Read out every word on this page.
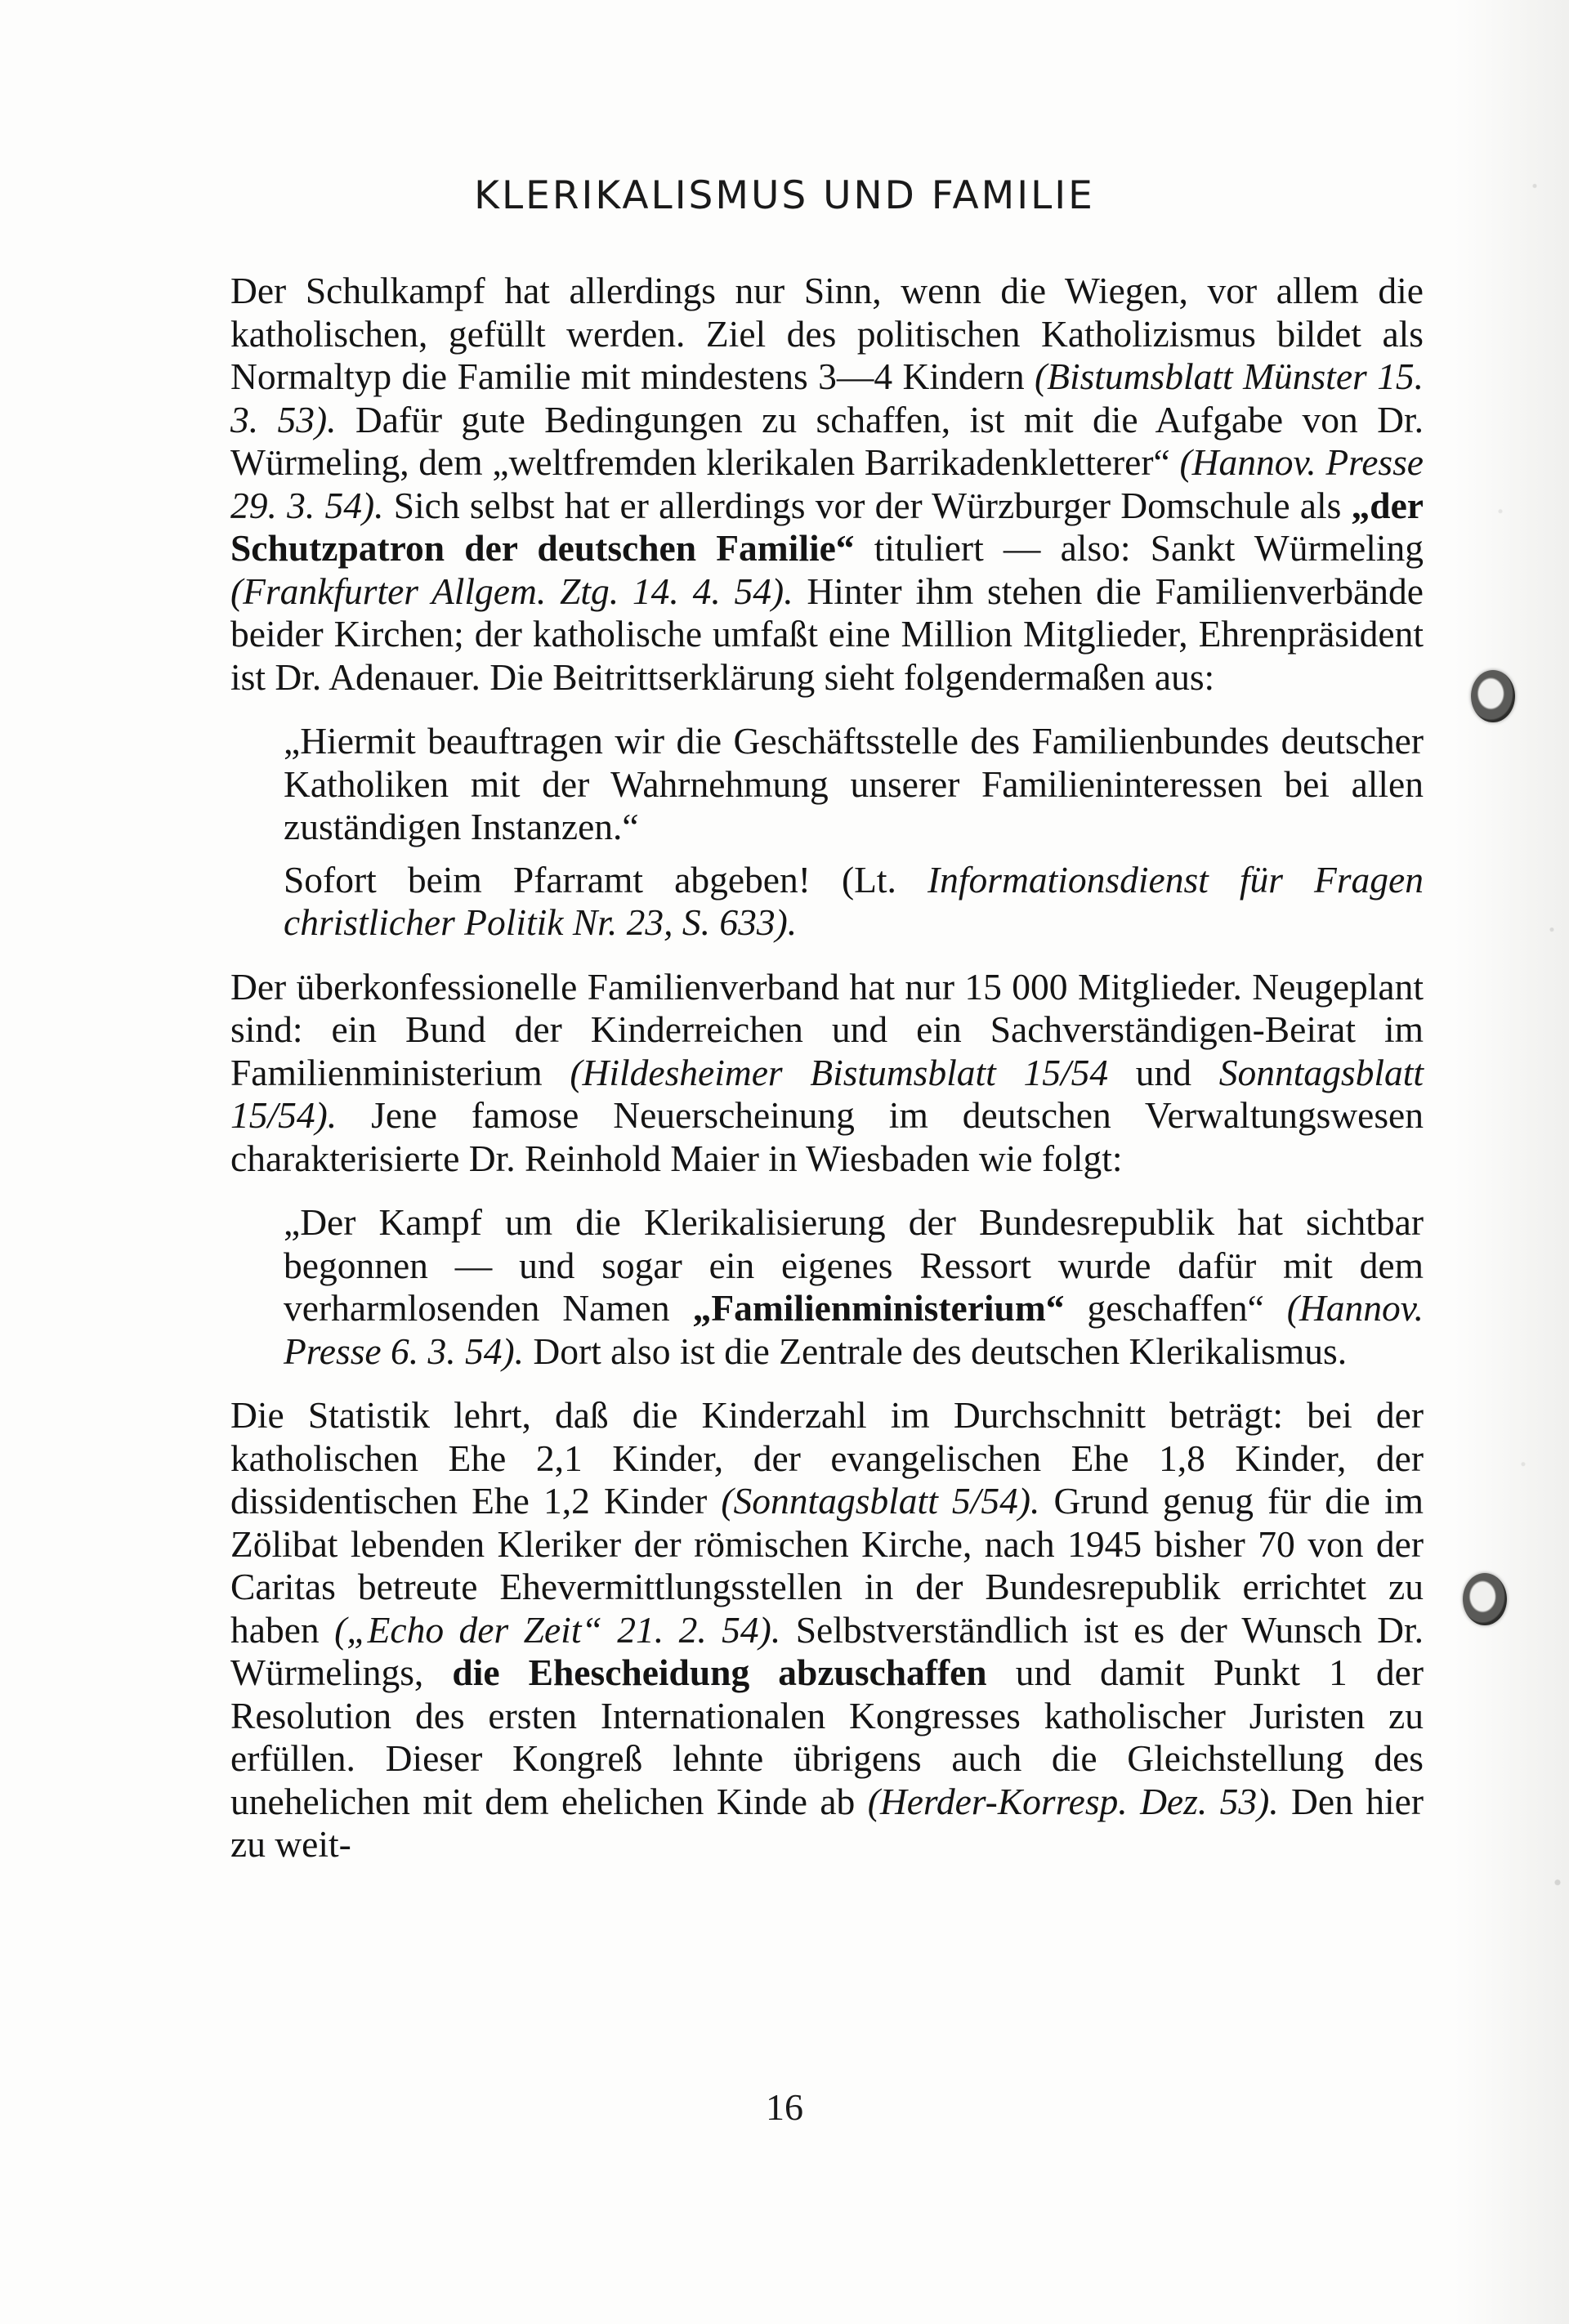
KLERIKALISMUS UND FAMILIE

Der Schulkampf hat allerdings nur Sinn, wenn die Wiegen, vor allem die katholischen, gefüllt werden. Ziel des politischen Katholizismus bildet als Normaltyp die Familie mit mindestens 3—4 Kindern (Bistumsblatt Münster 15. 3. 53). Dafür gute Bedingungen zu schaffen, ist mit die Aufgabe von Dr. Würmeling, dem „weltfremden klerikalen Barrikadenkletterer“ (Hannov. Presse 29. 3. 54). Sich selbst hat er allerdings vor der Würzburger Domschule als „der Schutzpatron der deutschen Familie“ tituliert — also: Sankt Würmeling (Frankfurter Allgem. Ztg. 14. 4. 54). Hinter ihm stehen die Familienverbände beider Kirchen; der katholische umfaßt eine Million Mitglieder, Ehrenpräsident ist Dr. Adenauer. Die Beitrittserklärung sieht folgendermaßen aus:

„Hiermit beauftragen wir die Geschäftsstelle des Familienbundes deutscher Katholiken mit der Wahrnehmung unserer Familieninteressen bei allen zuständigen Instanzen.“

Sofort beim Pfarramt abgeben! (Lt. Informationsdienst für Fragen christlicher Politik Nr. 23, S. 633).

Der überkonfessionelle Familienverband hat nur 15 000 Mitglieder. Neugeplant sind: ein Bund der Kinderreichen und ein Sachverständigen-Beirat im Familienministerium (Hildesheimer Bistumsblatt 15/54 und Sonntagsblatt 15/54). Jene famose Neuerscheinung im deutschen Verwaltungswesen charakterisierte Dr. Reinhold Maier in Wiesbaden wie folgt:

„Der Kampf um die Klerikalisierung der Bundesrepublik hat sichtbar begonnen — und sogar ein eigenes Ressort wurde dafür mit dem verharmlosenden Namen „Familienministerium“ geschaffen“ (Hannov. Presse 6. 3. 54). Dort also ist die Zentrale des deutschen Klerikalismus.

Die Statistik lehrt, daß die Kinderzahl im Durchschnitt beträgt: bei der katholischen Ehe 2,1 Kinder, der evangelischen Ehe 1,8 Kinder, der dissidentischen Ehe 1,2 Kinder (Sonntagsblatt 5/54). Grund genug für die im Zölibat lebenden Kleriker der römischen Kirche, nach 1945 bisher 70 von der Caritas betreute Ehevermittlungsstellen in der Bundesrepublik errichtet zu haben („Echo der Zeit“ 21. 2. 54). Selbstverständlich ist es der Wunsch Dr. Würmelings, die Ehescheidung abzuschaffen und damit Punkt 1 der Resolution des ersten Internationalen Kongresses katholischer Juristen zu erfüllen. Dieser Kongreß lehnte übrigens auch die Gleichstellung des unehelichen mit dem ehelichen Kinde ab (Herder-Korresp. Dez. 53). Den hier zu weit-

16
